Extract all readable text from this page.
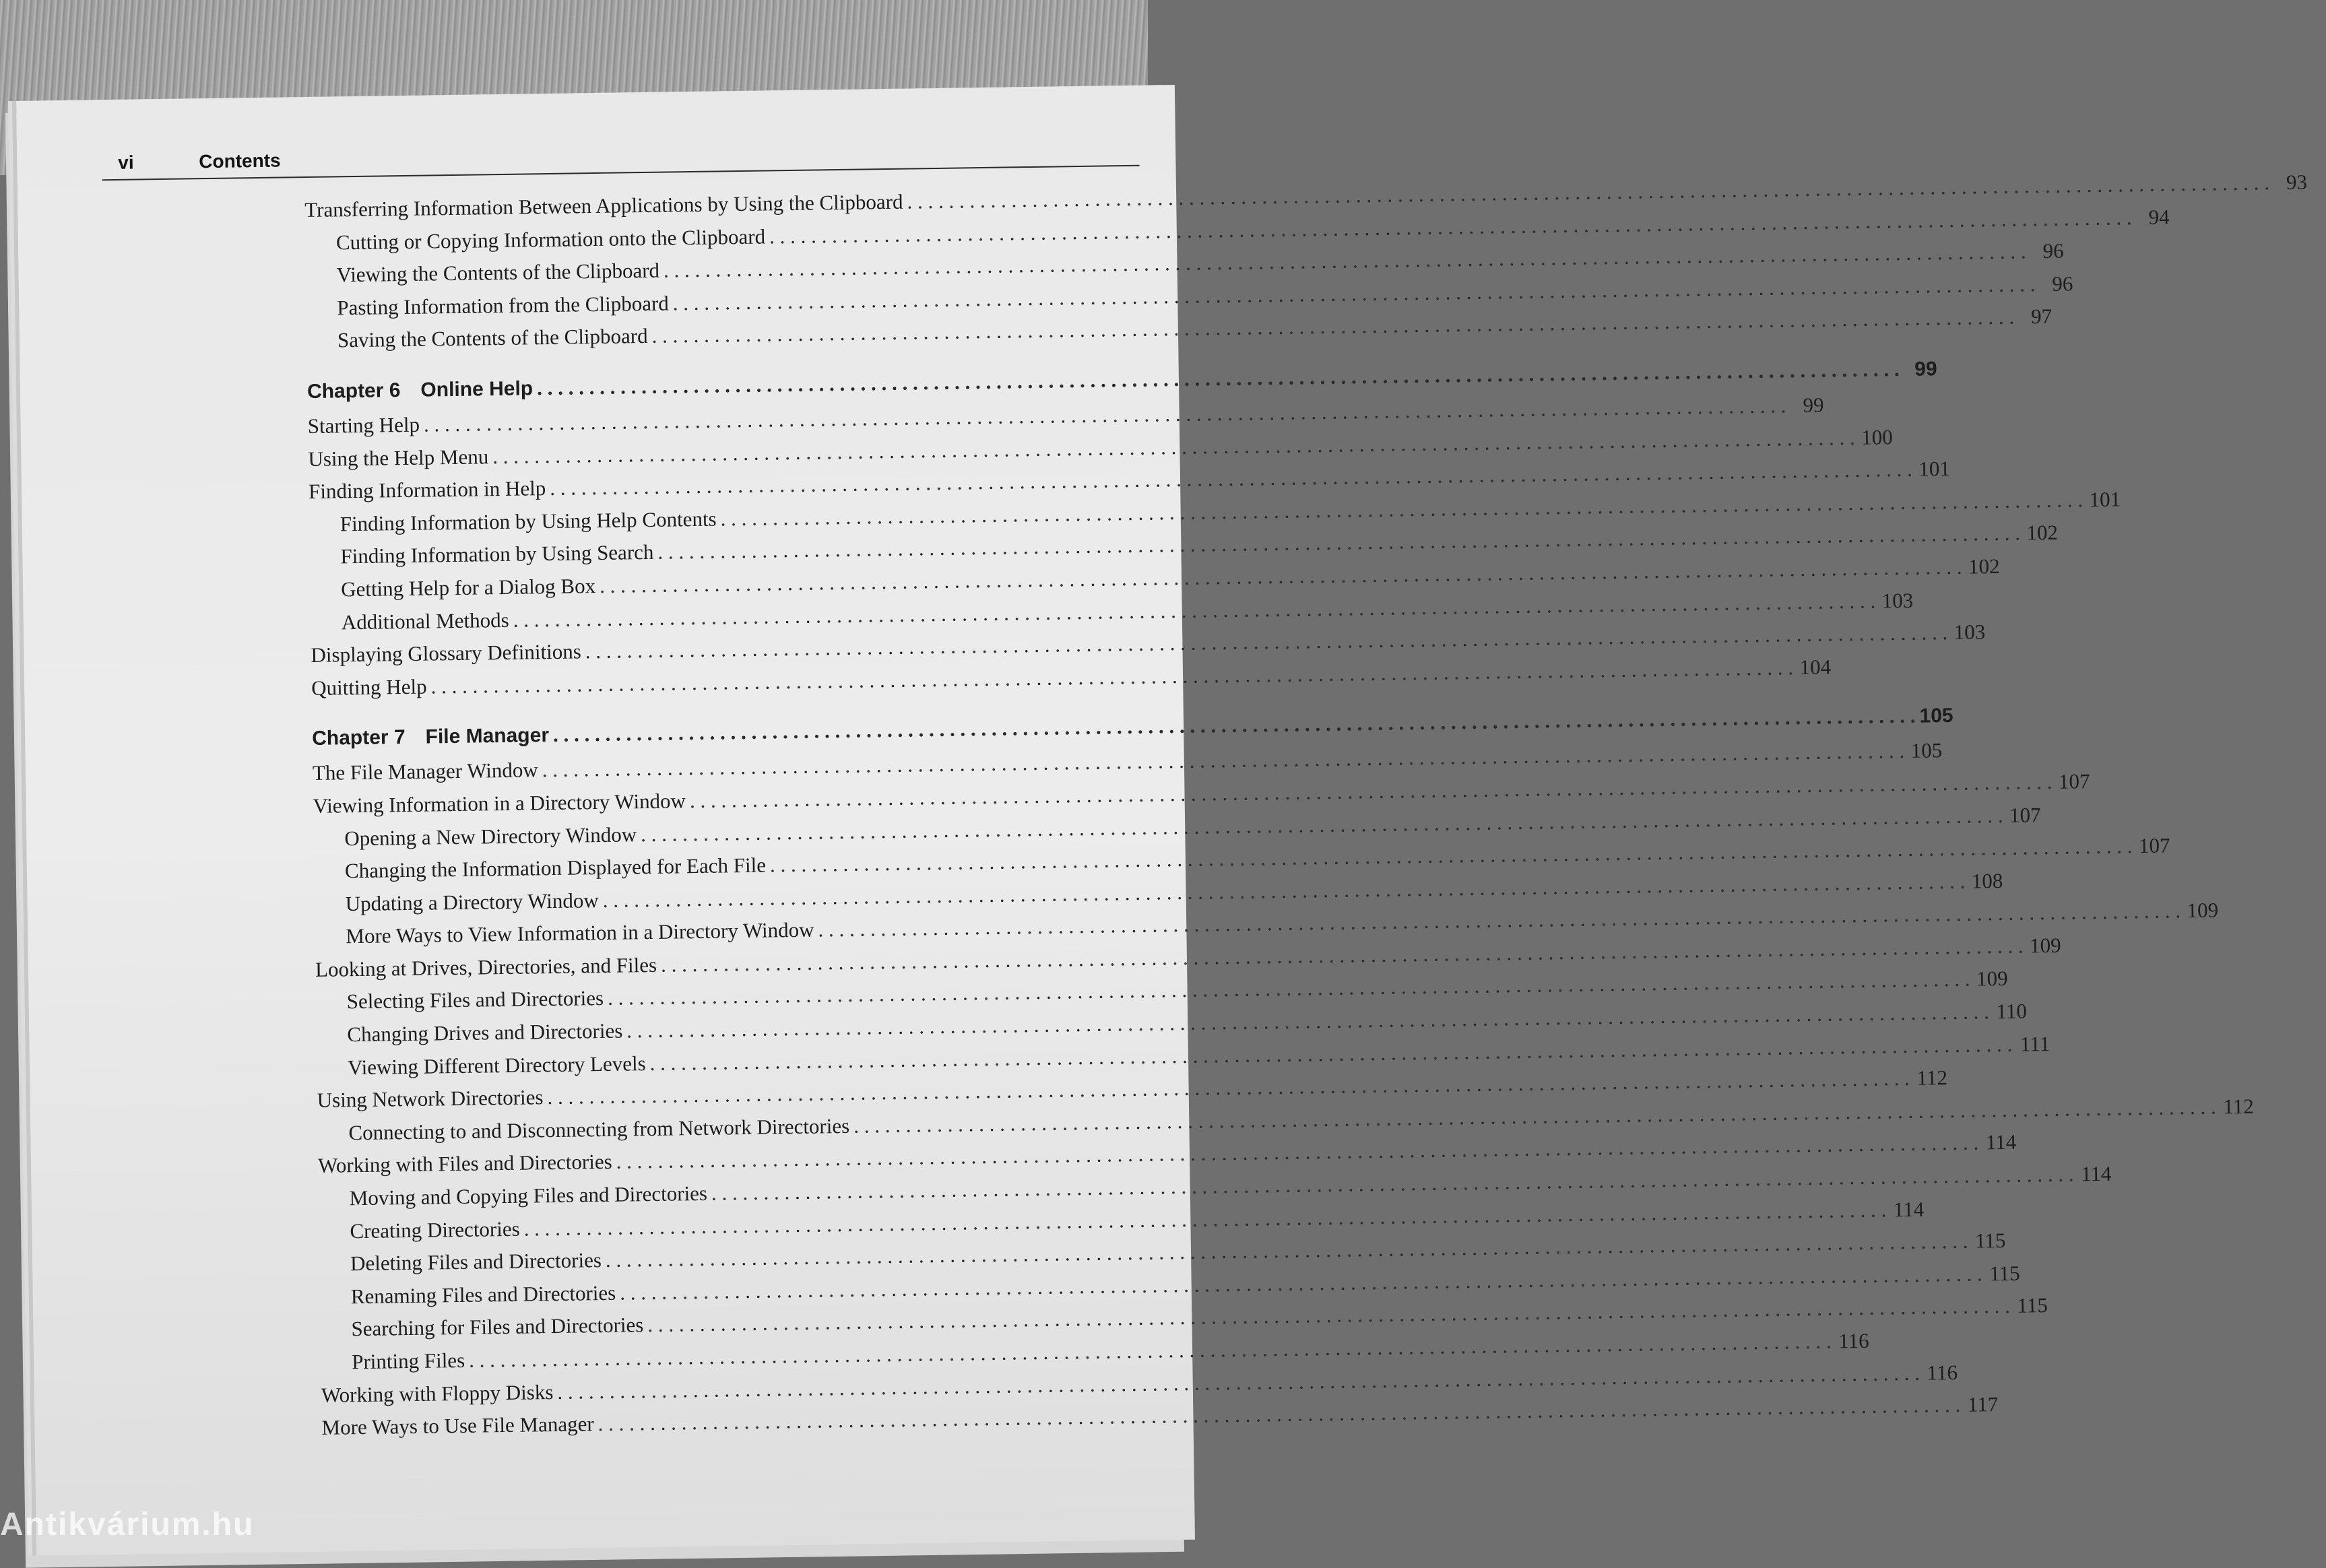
vi	Contents
Transferring Information Between Applications by Using the Clipboard
. . .
93
Cutting or Copying Information onto the Clipboard
. . .
94
Viewing the Contents of the Clipboard
. . .
96
Pasting Information from the Clipboard
. . .
96
Saving the Contents of the Clipboard
. . .
97
Chapter 6 Online Help
. . .
99
Starting Help
. . .
99
Using the Help Menu
. . .
100
Finding Information in Help
. . .
101
Finding Information by Using Help Contents
. . .
101
Finding Information by Using Search
. . .
102
Getting Help for a Dialog Box
. . .
102
Additional Methods
. . .
103
Displaying Glossary Definitions
. . .
103
Quitting Help
. . .
104
Chapter 7 File Manager
. . .
105
The File Manager Window
. . .
105
Viewing Information in a Directory Window
. . .
107
Opening a New Directory Window
. . .
107
Changing the Information Displayed for Each File
. . .
107
Updating a Directory Window
. . .
108
More Ways to View Information in a Directory Window
. . .
109
Looking at Drives, Directories, and Files
. . .
109
Selecting Files and Directories
. . .
109
Changing Drives and Directories
. . .
110
Viewing Different Directory Levels
. . .
111
Using Network Directories
. . .
112
Connecting to and Disconnecting from Network Directories
. . .
112
Working with Files and Directories
. . .
114
Moving and Copying Files and Directories
. . .
114
Creating Directories
. . .
114
Deleting Files and Directories
. . .
115
Renaming Files and Directories
. . .
115
Searching for Files and Directories
. . .
115
Printing Files
. . .
116
Working with Floppy Disks
. . .
116
More Ways to Use File Manager
. . .
117
Antikvárium.hu
